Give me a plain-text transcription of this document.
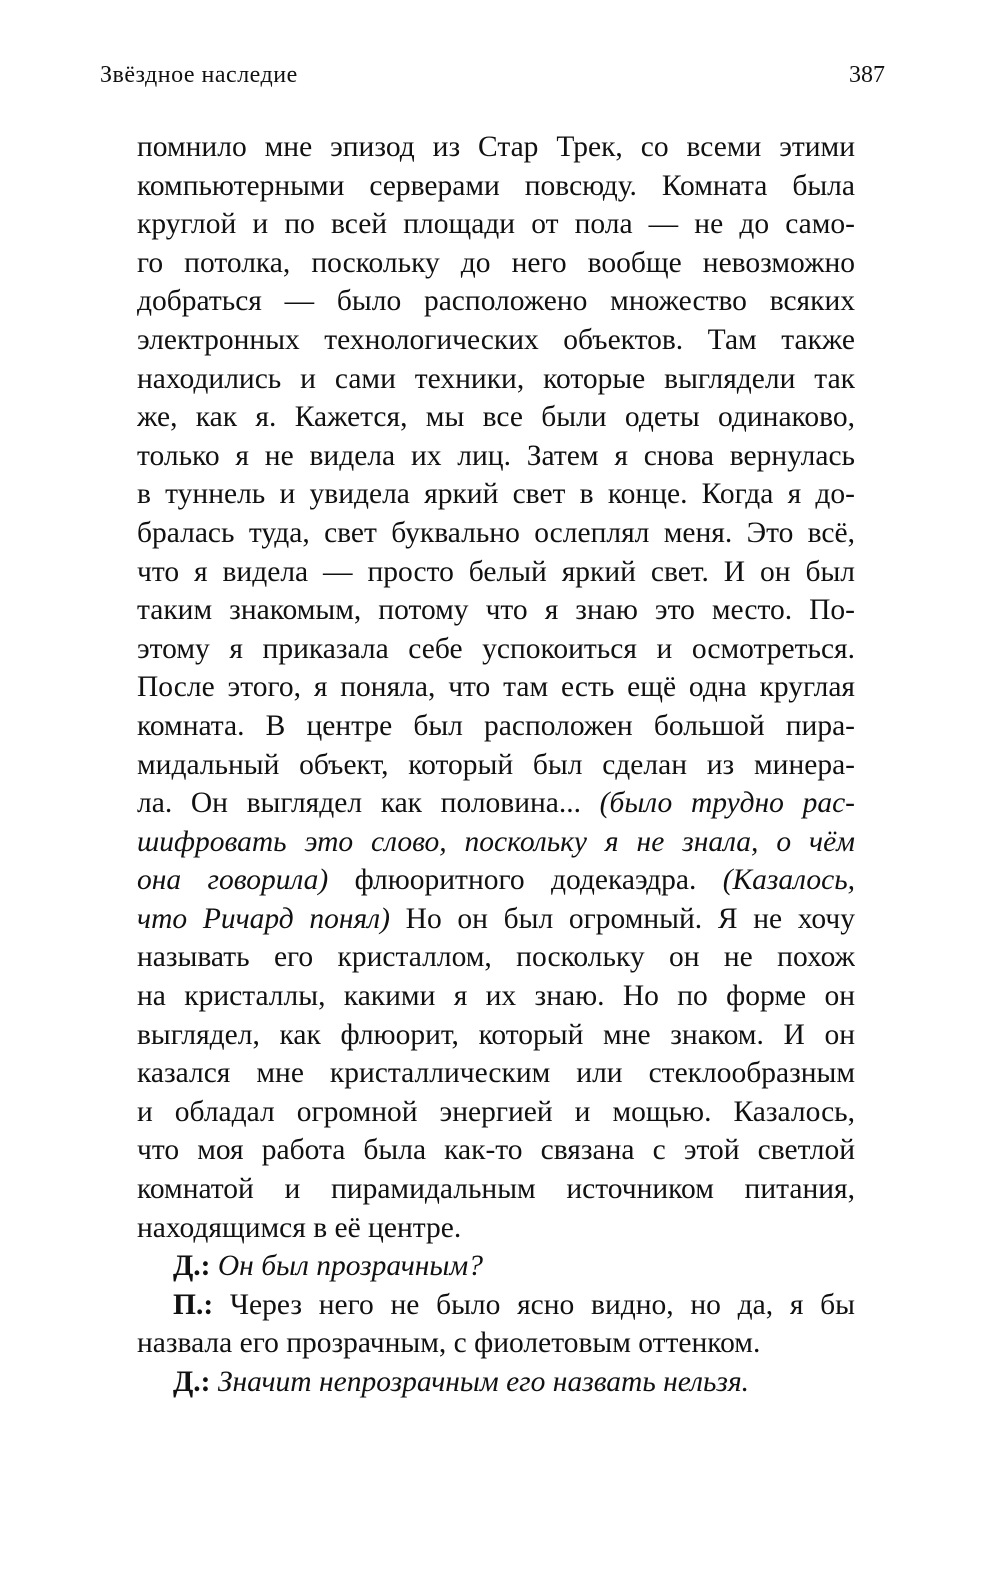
Звёздное наследие	387
помнило мне эпизод из Стар Трек, со всеми этими
компьютерными серверами повсюду. Комната была
круглой и по всей площади от пола — не до само-
го потолка, поскольку до него вообще невозможно
добраться — было расположено множество всяких
электронных технологических объектов. Там также
находились и сами техники, которые выглядели так
же, как я. Кажется, мы все были одеты одинаково,
только я не видела их лиц. Затем я снова вернулась
в туннель и увидела яркий свет в конце. Когда я до-
бралась туда, свет буквально ослеплял меня. Это всё,
что я видела — просто белый яркий свет. И он был
таким знакомым, потому что я знаю это место. По-
этому я приказала себе успокоиться и осмотреться.
После этого, я поняла, что там есть ещё одна круглая
комната. В центре был расположен большой пира-
мидальный объект, который был сделан из минера-
ла. Он выглядел как половина... (было трудно рас-
шифровать это слово, поскольку я не знала, о чём
она говорила) флюоритного додекаэдра. (Казалось,
что Ричард понял) Но он был огромный. Я не хочу
называть его кристаллом, поскольку он не похож
на кристаллы, какими я их знаю. Но по форме он
выглядел, как флюорит, который мне знаком. И он
казался мне кристаллическим или стеклообразным
и обладал огромной энергией и мощью. Казалось,
что моя работа была как-то связана с этой светлой
комнатой и пирамидальным источником питания,
находящимся в её центре.
Д.: Он был прозрачным?
П.: Через него не было ясно видно, но да, я бы
назвала его прозрачным, с фиолетовым оттенком.
Д.: Значит непрозрачным его назвать нельзя.
